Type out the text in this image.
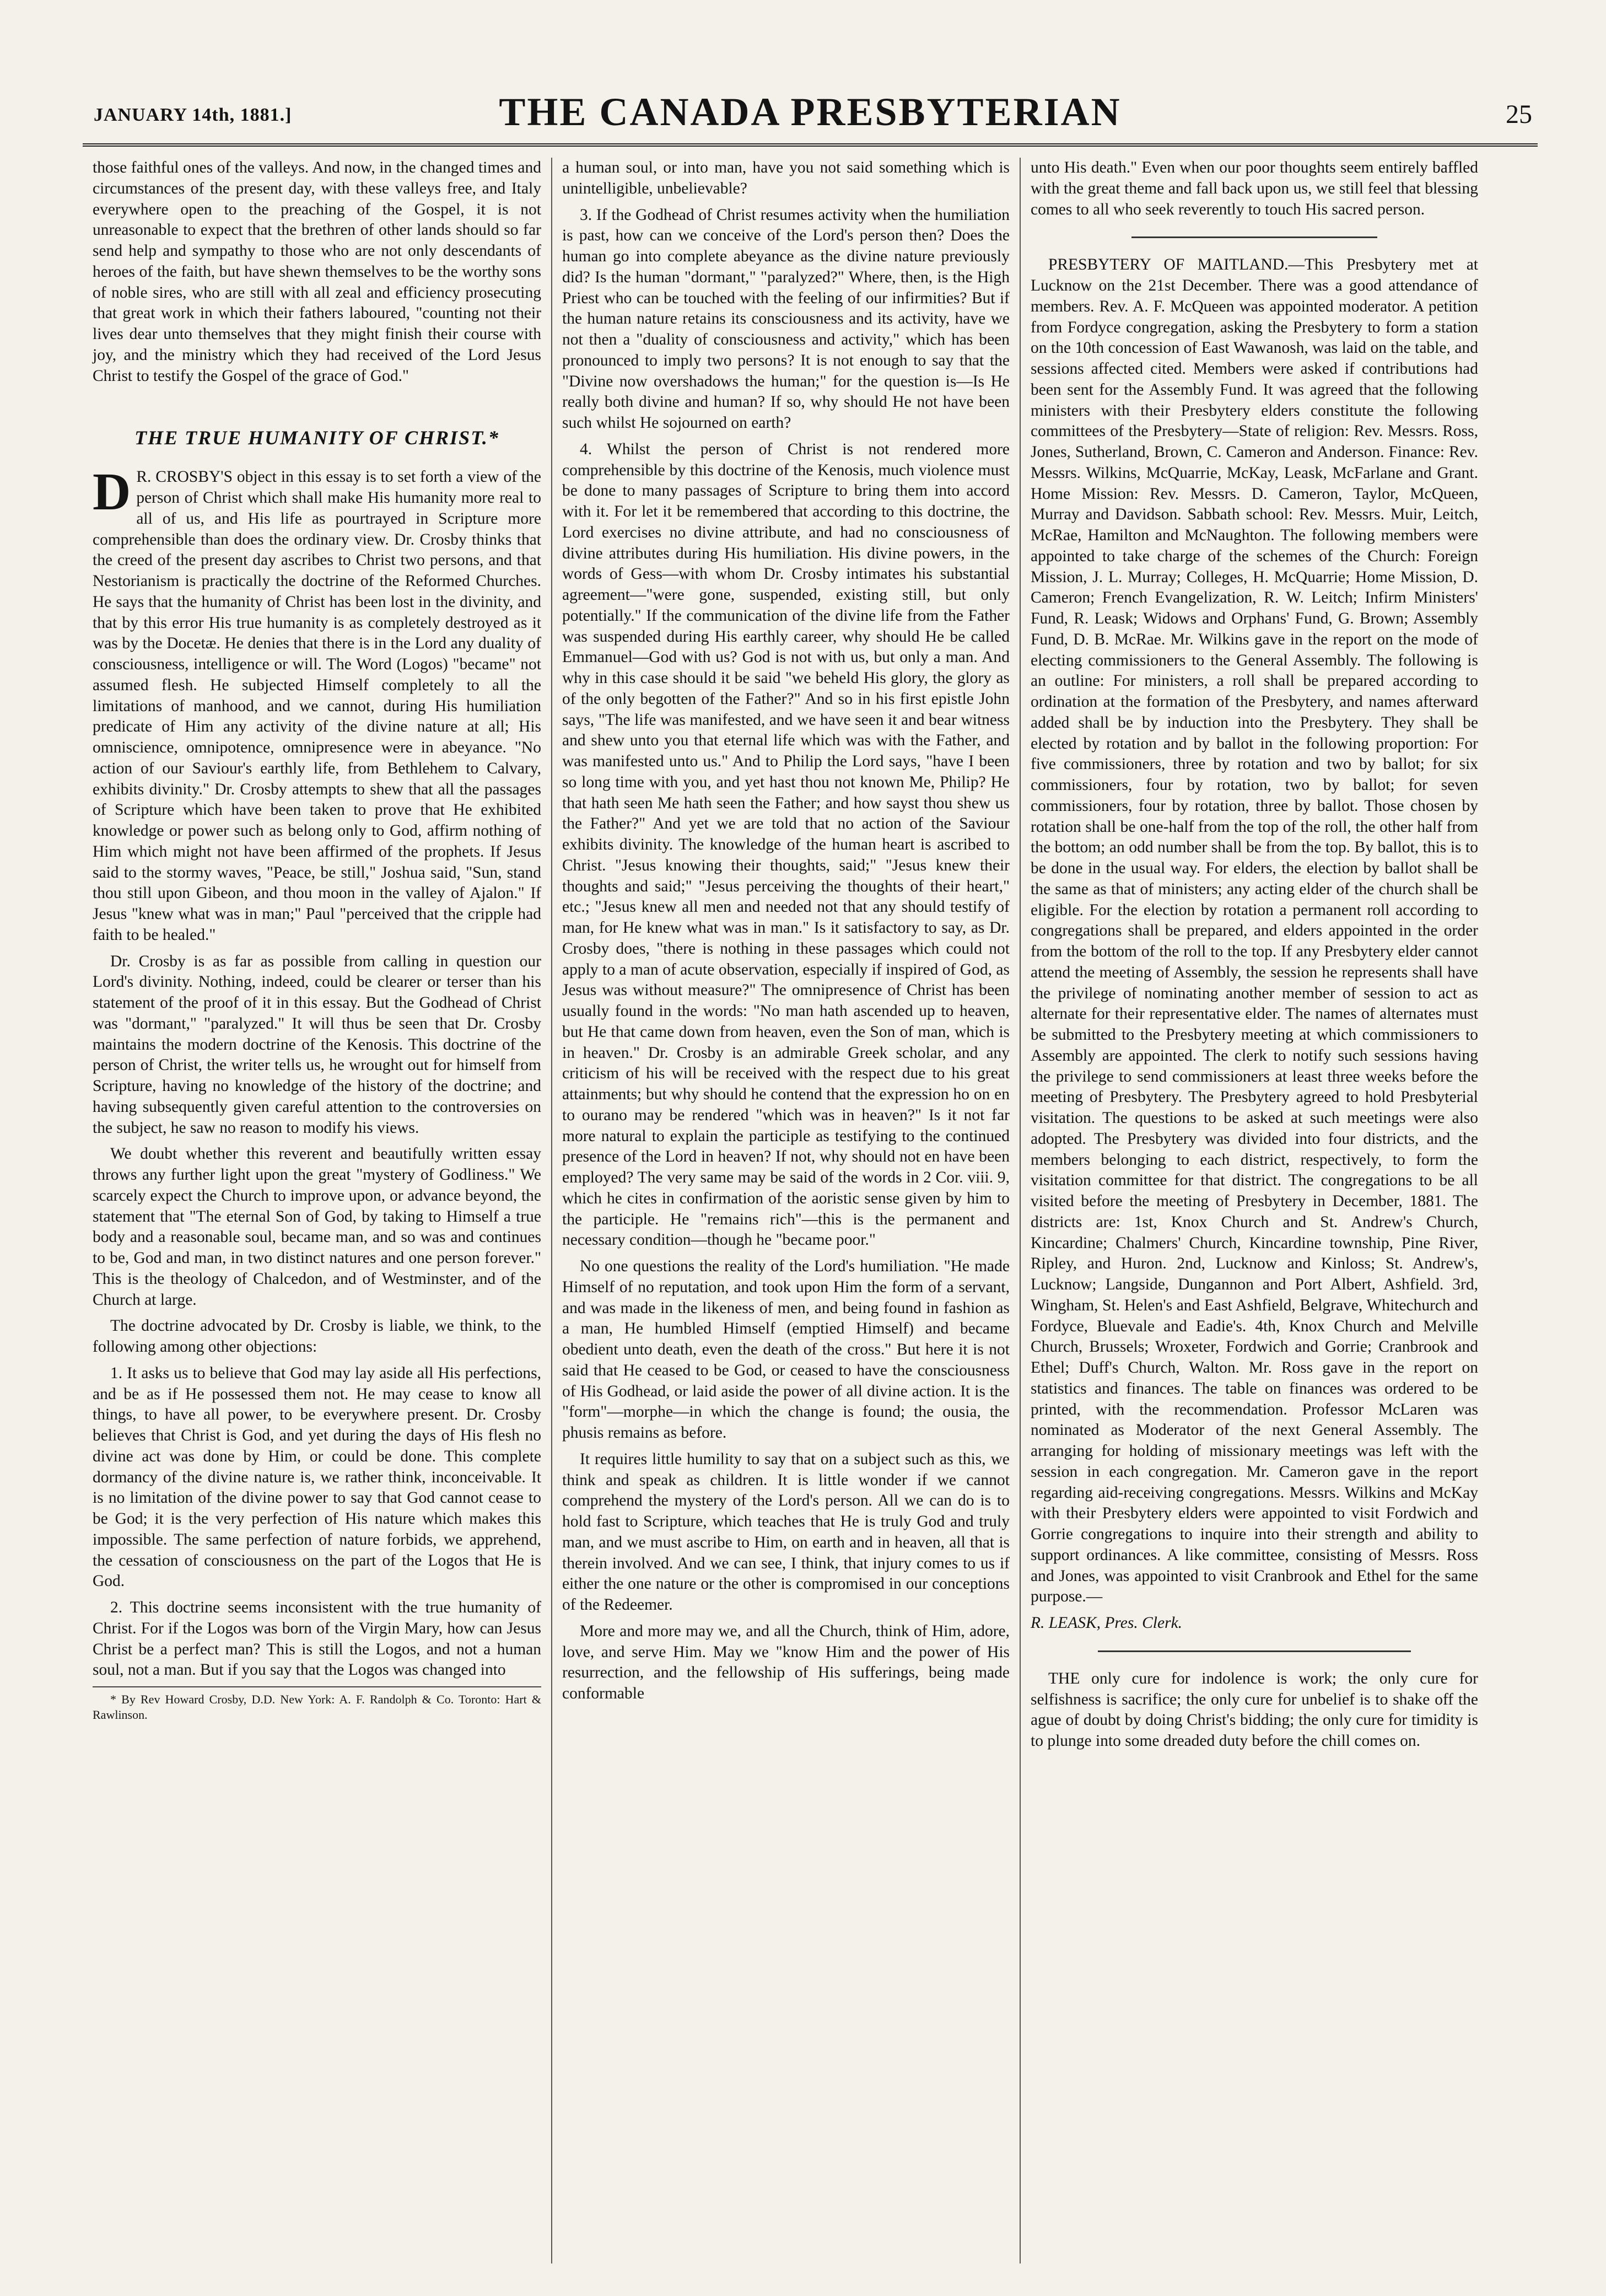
JANUARY 14th, 1881.]	THE CANADA PRESBYTERIAN	25

those faithful ones of the valleys. And now, in the changed times and circumstances of the present day, with these valleys free, and Italy everywhere open to the preaching of the Gospel, it is not unreasonable to expect that the brethren of other lands should so far send help and sympathy to those who are not only descendants of heroes of the faith, but have shewn themselves to be the worthy sons of noble sires, who are still with all zeal and efficiency prosecuting that great work in which their fathers laboured, "counting not their lives dear unto themselves that they might finish their course with joy, and the ministry which they had received of the Lord Jesus Christ to testify the Gospel of the grace of God."

THE TRUE HUMANITY OF CHRIST.*

D R. CROSBY'S object in this essay is to set forth a view of the person of Christ which shall make His humanity more real to all of us, and His life as pourtrayed in Scripture more comprehensible than does the ordinary view. Dr. Crosby thinks that the creed of the present day ascribes to Christ two persons, and that Nestorianism is practically the doctrine of the Reformed Churches. He says that the humanity of Christ has been lost in the divinity, and that by this error His true humanity is as completely destroyed as it was by the Docetæ. He denies that there is in the Lord any duality of consciousness, intelligence or will. The Word (Logos) "became" not assumed flesh. He subjected Himself completely to all the limitations of manhood, and we cannot, during His humiliation predicate of Him any activity of the divine nature at all; His omniscience, omnipotence, omnipresence were in abeyance. "No action of our Saviour's earthly life, from Bethlehem to Calvary, exhibits divinity." Dr. Crosby attempts to shew that all the passages of Scripture which have been taken to prove that He exhibited knowledge or power such as belong only to God, affirm nothing of Him which might not have been affirmed of the prophets. If Jesus said to the stormy waves, "Peace, be still," Joshua said, "Sun, stand thou still upon Gibeon, and thou moon in the valley of Ajalon." If Jesus "knew what was in man;" Paul "perceived that the cripple had faith to be healed."

Dr. Crosby is as far as possible from calling in question our Lord's divinity. Nothing, indeed, could be clearer or terser than his statement of the proof of it in this essay. But the Godhead of Christ was "dormant," "paralyzed." It will thus be seen that Dr. Crosby maintains the modern doctrine of the Kenosis. This doctrine of the person of Christ, the writer tells us, he wrought out for himself from Scripture, having no knowledge of the history of the doctrine; and having subsequently given careful attention to the controversies on the subject, he saw no reason to modify his views.

We doubt whether this reverent and beautifully written essay throws any further light upon the great "mystery of Godliness." We scarcely expect the Church to improve upon, or advance beyond, the statement that "The eternal Son of God, by taking to Himself a true body and a reasonable soul, became man, and so was and continues to be, God and man, in two distinct natures and one person forever." This is the theology of Chalcedon, and of Westminster, and of the Church at large.

The doctrine advocated by Dr. Crosby is liable, we think, to the following among other objections:

1. It asks us to believe that God may lay aside all His perfections, and be as if He possessed them not. He may cease to know all things, to have all power, to be everywhere present. Dr. Crosby believes that Christ is God, and yet during the days of His flesh no divine act was done by Him, or could be done. This complete dormancy of the divine nature is, we rather think, inconceivable. It is no limitation of the divine power to say that God cannot cease to be God; it is the very perfection of His nature which makes this impossible. The same perfection of nature forbids, we apprehend, the cessation of consciousness on the part of the Logos that He is God.

2. This doctrine seems inconsistent with the true humanity of Christ. For if the Logos was born of the Virgin Mary, how can Jesus Christ be a perfect man? This is still the Logos, and not a human soul, not a man. But if you say that the Logos was changed into

* By Rev Howard Crosby, D.D. New York: A. F. Randolph & Co. Toronto: Hart & Rawlinson.

a human soul, or into man, have you not said something which is unintelligible, unbelievable?

3. If the Godhead of Christ resumes activity when the humiliation is past, how can we conceive of the Lord's person then? Does the human go into complete abeyance as the divine nature previously did? Is the human "dormant," "paralyzed?" Where, then, is the High Priest who can be touched with the feeling of our infirmities? But if the human nature retains its consciousness and its activity, have we not then a "duality of consciousness and activity," which has been pronounced to imply two persons? It is not enough to say that the "Divine now overshadows the human;" for the question is—Is He really both divine and human? If so, why should He not have been such whilst He sojourned on earth?

4. Whilst the person of Christ is not rendered more comprehensible by this doctrine of the Kenosis, much violence must be done to many passages of Scripture to bring them into accord with it. For let it be remembered that according to this doctrine, the Lord exercises no divine attribute, and had no consciousness of divine attributes during His humiliation. His divine powers, in the words of Gess—with whom Dr. Crosby intimates his substantial agreement—"were gone, suspended, existing still, but only potentially." If the communication of the divine life from the Father was suspended during His earthly career, why should He be called Emmanuel—God with us? God is not with us, but only a man. And why in this case should it be said "we beheld His glory, the glory as of the only begotten of the Father?" And so in his first epistle John says, "The life was manifested, and we have seen it and bear witness and shew unto you that eternal life which was with the Father, and was manifested unto us." And to Philip the Lord says, "have I been so long time with you, and yet hast thou not known Me, Philip? He that hath seen Me hath seen the Father; and how sayst thou shew us the Father?" And yet we are told that no action of the Saviour exhibits divinity. The knowledge of the human heart is ascribed to Christ. "Jesus knowing their thoughts, said;" "Jesus knew their thoughts and said;" "Jesus perceiving the thoughts of their heart," etc.; "Jesus knew all men and needed not that any should testify of man, for He knew what was in man." Is it satisfactory to say, as Dr. Crosby does, "there is nothing in these passages which could not apply to a man of acute observation, especially if inspired of God, as Jesus was without measure?" The omnipresence of Christ has been usually found in the words: "No man hath ascended up to heaven, but He that came down from heaven, even the Son of man, which is in heaven." Dr. Crosby is an admirable Greek scholar, and any criticism of his will be received with the respect due to his great attainments; but why should he contend that the expression ho on en to ourano may be rendered "which was in heaven?" Is it not far more natural to explain the participle as testifying to the continued presence of the Lord in heaven? If not, why should not en have been employed? The very same may be said of the words in 2 Cor. viii. 9, which he cites in confirmation of the aoristic sense given by him to the participle. He "remains rich"—this is the permanent and necessary condition—though he "became poor."

No one questions the reality of the Lord's humiliation. "He made Himself of no reputation, and took upon Him the form of a servant, and was made in the likeness of men, and being found in fashion as a man, He humbled Himself (emptied Himself) and became obedient unto death, even the death of the cross." But here it is not said that He ceased to be God, or ceased to have the consciousness of His Godhead, or laid aside the power of all divine action. It is the "form"—morphe—in which the change is found; the ousia, the phusis remains as before.

It requires little humility to say that on a subject such as this, we think and speak as children. It is little wonder if we cannot comprehend the mystery of the Lord's person. All we can do is to hold fast to Scripture, which teaches that He is truly God and truly man, and we must ascribe to Him, on earth and in heaven, all that is therein involved. And we can see, I think, that injury comes to us if either the one nature or the other is compromised in our conceptions of the Redeemer.

More and more may we, and all the Church, think of Him, adore, love, and serve Him. May we "know Him and the power of His resurrection, and the fellowship of His sufferings, being made conformable

unto His death." Even when our poor thoughts seem entirely baffled with the great theme and fall back upon us, we still feel that blessing comes to all who seek reverently to touch His sacred person.

PRESBYTERY OF MAITLAND.—This Presbytery met at Lucknow on the 21st December. There was a good attendance of members. Rev. A. F. McQueen was appointed moderator. A petition from Fordyce congregation, asking the Presbytery to form a station on the 10th concession of East Wawanosh, was laid on the table, and sessions affected cited. Members were asked if contributions had been sent for the Assembly Fund. It was agreed that the following ministers with their Presbytery elders constitute the following committees of the Presbytery—State of religion: Rev. Messrs. Ross, Jones, Sutherland, Brown, C. Cameron and Anderson. Finance: Rev. Messrs. Wilkins, McQuarrie, McKay, Leask, McFarlane and Grant. Home Mission: Rev. Messrs. D. Cameron, Taylor, McQueen, Murray and Davidson. Sabbath school: Rev. Messrs. Muir, Leitch, McRae, Hamilton and McNaughton. The following members were appointed to take charge of the schemes of the Church: Foreign Mission, J. L. Murray; Colleges, H. McQuarrie; Home Mission, D. Cameron; French Evangelization, R. W. Leitch; Infirm Ministers' Fund, R. Leask; Widows and Orphans' Fund, G. Brown; Assembly Fund, D. B. McRae. Mr. Wilkins gave in the report on the mode of electing commissioners to the General Assembly. The following is an outline: For ministers, a roll shall be prepared according to ordination at the formation of the Presbytery, and names afterward added shall be by induction into the Presbytery. They shall be elected by rotation and by ballot in the following proportion: For five commissioners, three by rotation and two by ballot; for six commissioners, four by rotation, two by ballot; for seven commissioners, four by rotation, three by ballot. Those chosen by rotation shall be one-half from the top of the roll, the other half from the bottom; an odd number shall be from the top. By ballot, this is to be done in the usual way. For elders, the election by ballot shall be the same as that of ministers; any acting elder of the church shall be eligible. For the election by rotation a permanent roll according to congregations shall be prepared, and elders appointed in the order from the bottom of the roll to the top. If any Presbytery elder cannot attend the meeting of Assembly, the session he represents shall have the privilege of nominating another member of session to act as alternate for their representative elder. The names of alternates must be submitted to the Presbytery meeting at which commissioners to Assembly are appointed. The clerk to notify such sessions having the privilege to send commissioners at least three weeks before the meeting of Presbytery. The Presbytery agreed to hold Presbyterial visitation. The questions to be asked at such meetings were also adopted. The Presbytery was divided into four districts, and the members belonging to each district, respectively, to form the visitation committee for that district. The congregations to be all visited before the meeting of Presbytery in December, 1881. The districts are: 1st, Knox Church and St. Andrew's Church, Kincardine; Chalmers' Church, Kincardine township, Pine River, Ripley, and Huron. 2nd, Lucknow and Kinloss; St. Andrew's, Lucknow; Langside, Dungannon and Port Albert, Ashfield. 3rd, Wingham, St. Helen's and East Ashfield, Belgrave, Whitechurch and Fordyce, Bluevale and Eadie's. 4th, Knox Church and Melville Church, Brussels; Wroxeter, Fordwich and Gorrie; Cranbrook and Ethel; Duff's Church, Walton. Mr. Ross gave in the report on statistics and finances. The table on finances was ordered to be printed, with the recommendation. Professor McLaren was nominated as Moderator of the next General Assembly. The arranging for holding of missionary meetings was left with the session in each congregation. Mr. Cameron gave in the report regarding aid-receiving congregations. Messrs. Wilkins and McKay with their Presbytery elders were appointed to visit Fordwich and Gorrie congregations to inquire into their strength and ability to support ordinances. A like committee, consisting of Messrs. Ross and Jones, was appointed to visit Cranbrook and Ethel for the same purpose.—

R. LEASK, Pres. Clerk.

THE only cure for indolence is work; the only cure for selfishness is sacrifice; the only cure for unbelief is to shake off the ague of doubt by doing Christ's bidding; the only cure for timidity is to plunge into some dreaded duty before the chill comes on.
